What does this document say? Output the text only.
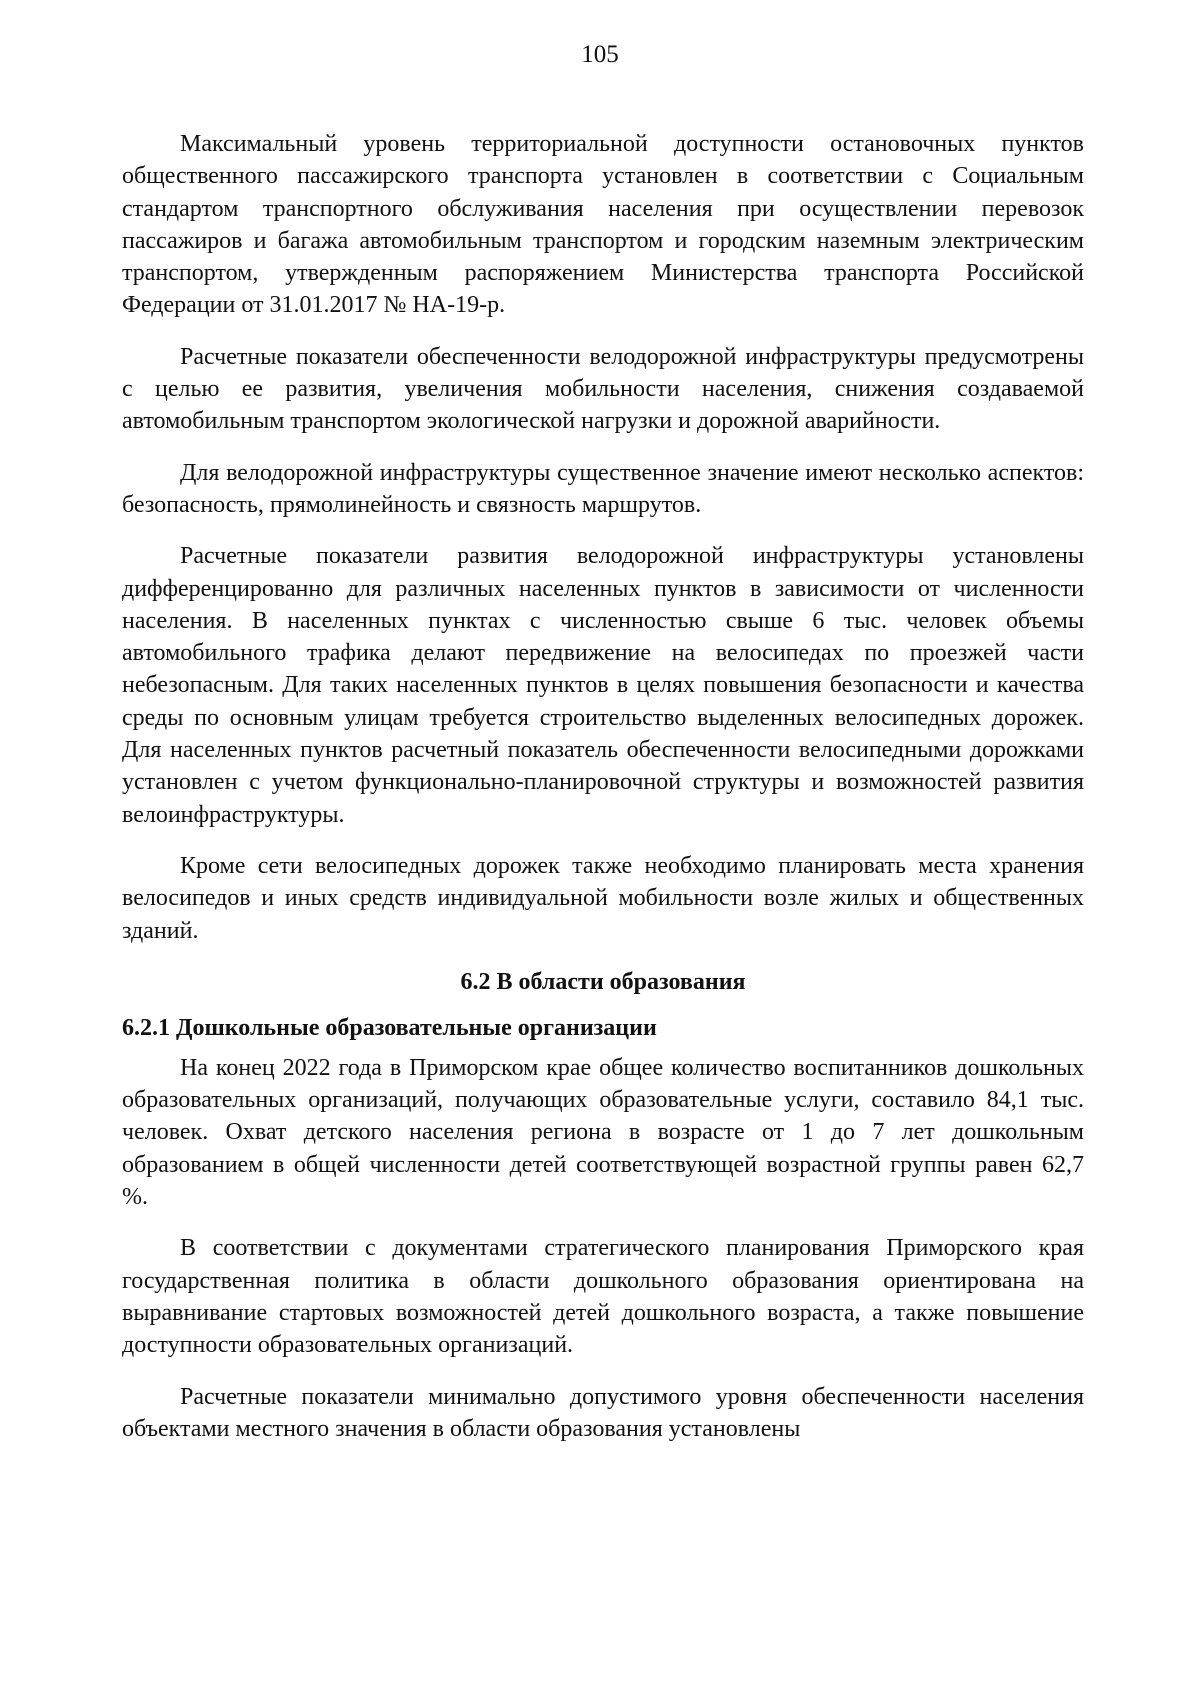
105

Максимальный уровень территориальной доступности остановочных пунктов общественного пассажирского транспорта установлен в соответствии с Социальным стандартом транспортного обслуживания населения при осуществлении перевозок пассажиров и багажа автомобильным транспортом и городским наземным электрическим транспортом, утвержденным распоряжением Министерства транспорта Российской Федерации от 31.01.2017 № НА-19-р.

Расчетные показатели обеспеченности велодорожной инфраструктуры предусмотрены с целью ее развития, увеличения мобильности населения, снижения создаваемой автомобильным транспортом экологической нагрузки и дорожной аварийности.

Для велодорожной инфраструктуры существенное значение имеют несколько аспектов: безопасность, прямолинейность и связность маршрутов.

Расчетные показатели развития велодорожной инфраструктуры установлены дифференцированно для различных населенных пунктов в зависимости от численности населения. В населенных пунктах с численностью свыше 6 тыс. человек объемы автомобильного трафика делают передвижение на велосипедах по проезжей части небезопасным. Для таких населенных пунктов в целях повышения безопасности и качества среды по основным улицам требуется строительство выделенных велосипедных дорожек. Для населенных пунктов расчетный показатель обеспеченности велосипедными дорожками установлен с учетом функционально-планировочной структуры и возможностей развития велоинфраструктуры.

Кроме сети велосипедных дорожек также необходимо планировать места хранения велосипедов и иных средств индивидуальной мобильности возле жилых и общественных зданий.

6.2 В области образования
6.2.1 Дошкольные образовательные организации

На конец 2022 года в Приморском крае общее количество воспитанников дошкольных образовательных организаций, получающих образовательные услуги, составило 84,1 тыс. человек. Охват детского населения региона в возрасте от 1 до 7 лет дошкольным образованием в общей численности детей соответствующей возрастной группы равен 62,7 %.

В соответствии с документами стратегического планирования Приморского края государственная политика в области дошкольного образования ориентирована на выравнивание стартовых возможностей детей дошкольного возраста, а также повышение доступности образовательных организаций.

Расчетные показатели минимально допустимого уровня обеспеченности населения объектами местного значения в области образования установлены
